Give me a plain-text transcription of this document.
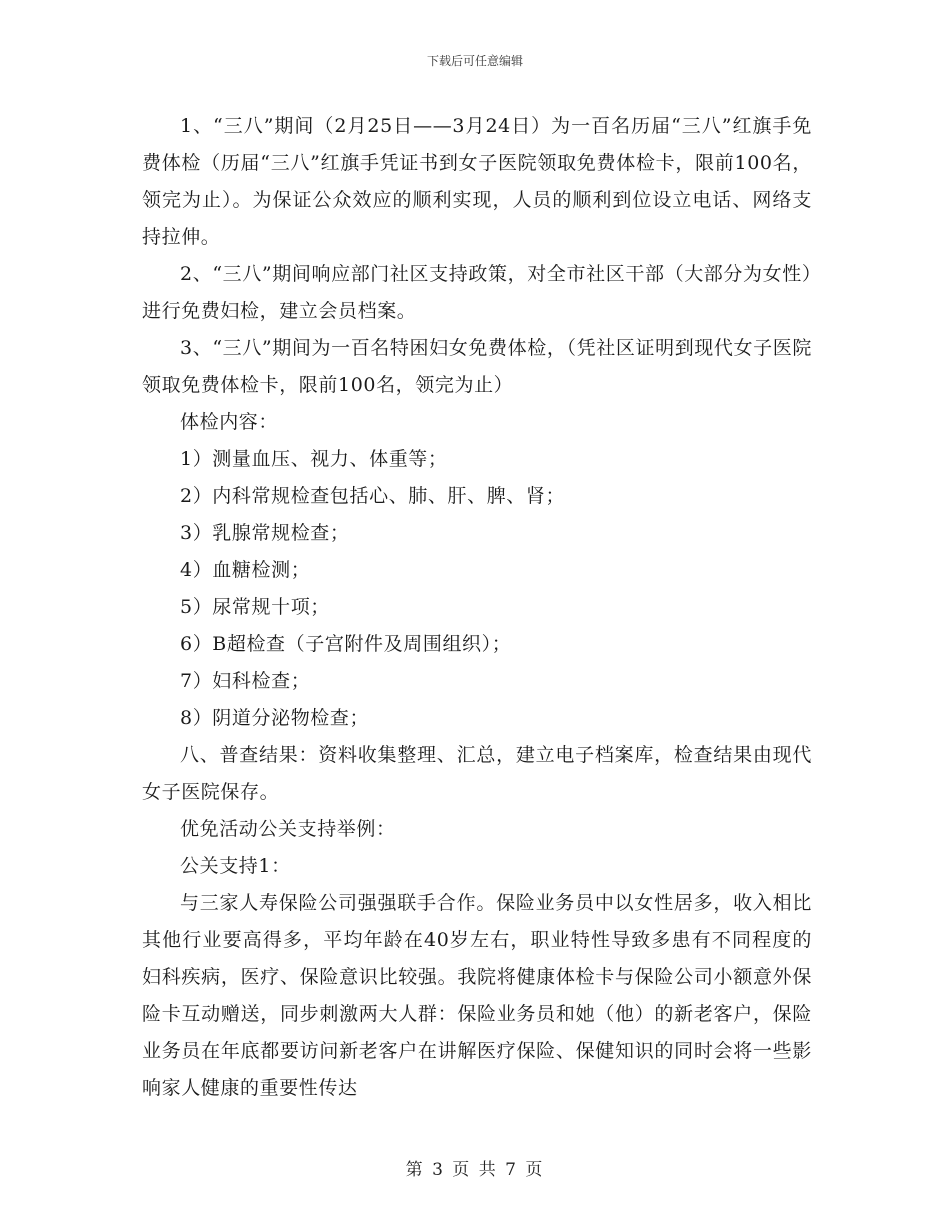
下载后可任意编辑

1、“三八”期间（2月25日——3月24日）为一百名历届“三八”红旗手免费体检（历届“三八”红旗手凭证书到女子医院领取免费体检卡，限前100名，领完为止）。为保证公众效应的顺利实现，人员的顺利到位设立电话、网络支持拉伸。

2、“三八”期间响应部门社区支持政策，对全市社区干部（大部分为女性）进行免费妇检，建立会员档案。

3、“三八”期间为一百名特困妇女免费体检，（凭社区证明到现代女子医院领取免费体检卡，限前100名，领完为止）

体检内容：

1）测量血压、视力、体重等；

2）内科常规检查包括心、肺、肝、脾、肾；

3）乳腺常规检查；

4）血糖检测；

5）尿常规十项；

6）B超检查（子宫附件及周围组织）；

7）妇科检查；

8）阴道分泌物检查；

八、普查结果：资料收集整理、汇总，建立电子档案库，检查结果由现代女子医院保存。

优免活动公关支持举例：

公关支持1：

与三家人寿保险公司强强联手合作。保险业务员中以女性居多，收入相比其他行业要高得多，平均年龄在40岁左右，职业特性导致多患有不同程度的妇科疾病，医疗、保险意识比较强。我院将健康体检卡与保险公司小额意外保险卡互动赠送，同步刺激两大人群：保险业务员和她（他）的新老客户，保险业务员在年底都要访问新老客户在讲解医疗保险、保健知识的同时会将一些影响家人健康的重要性传达

第 3 页 共 7 页
